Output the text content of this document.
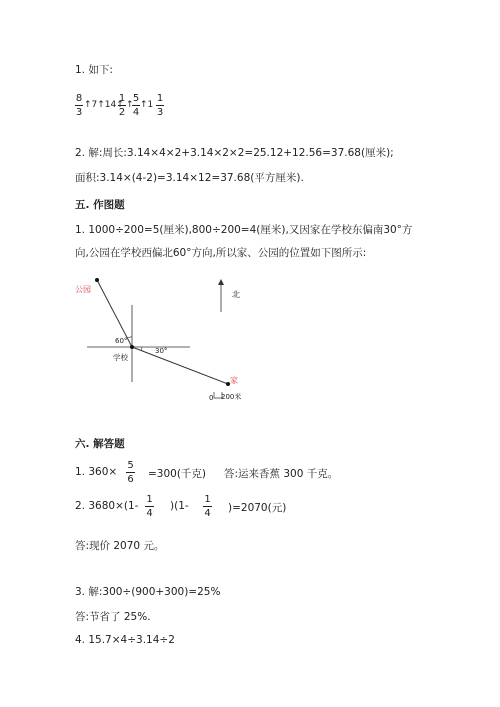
1. 如下:
8
3
↑7↑14↑
1
2
↑
5
4
↑1
1
3
2. 解:周长:3.14×4×2+3.14×2×2=25.12+12.56=37.68(厘米);
面积:3.14×(4-2)=3.14×12=37.68(平方厘米).
五. 作图题
1. 1000÷200=5(厘米),800÷200=4(厘米),又因家在学校东偏南30°方
向,公园在学校西偏北60°方向,所以家、公园的位置如下图所示:
公园
学校
60°
30°
家
北
0 200米
六. 解答题
1. 360×
5
6 =300(千克) 答:运来香蕉 300 千克。
2. 3680×(1-
1
4
)(1-
1
4 )=2070(元)
答:现价 2070 元。
3. 解:300÷(900+300)=25%
答:节省了 25%.
4. 15.7×4÷3.14÷2
